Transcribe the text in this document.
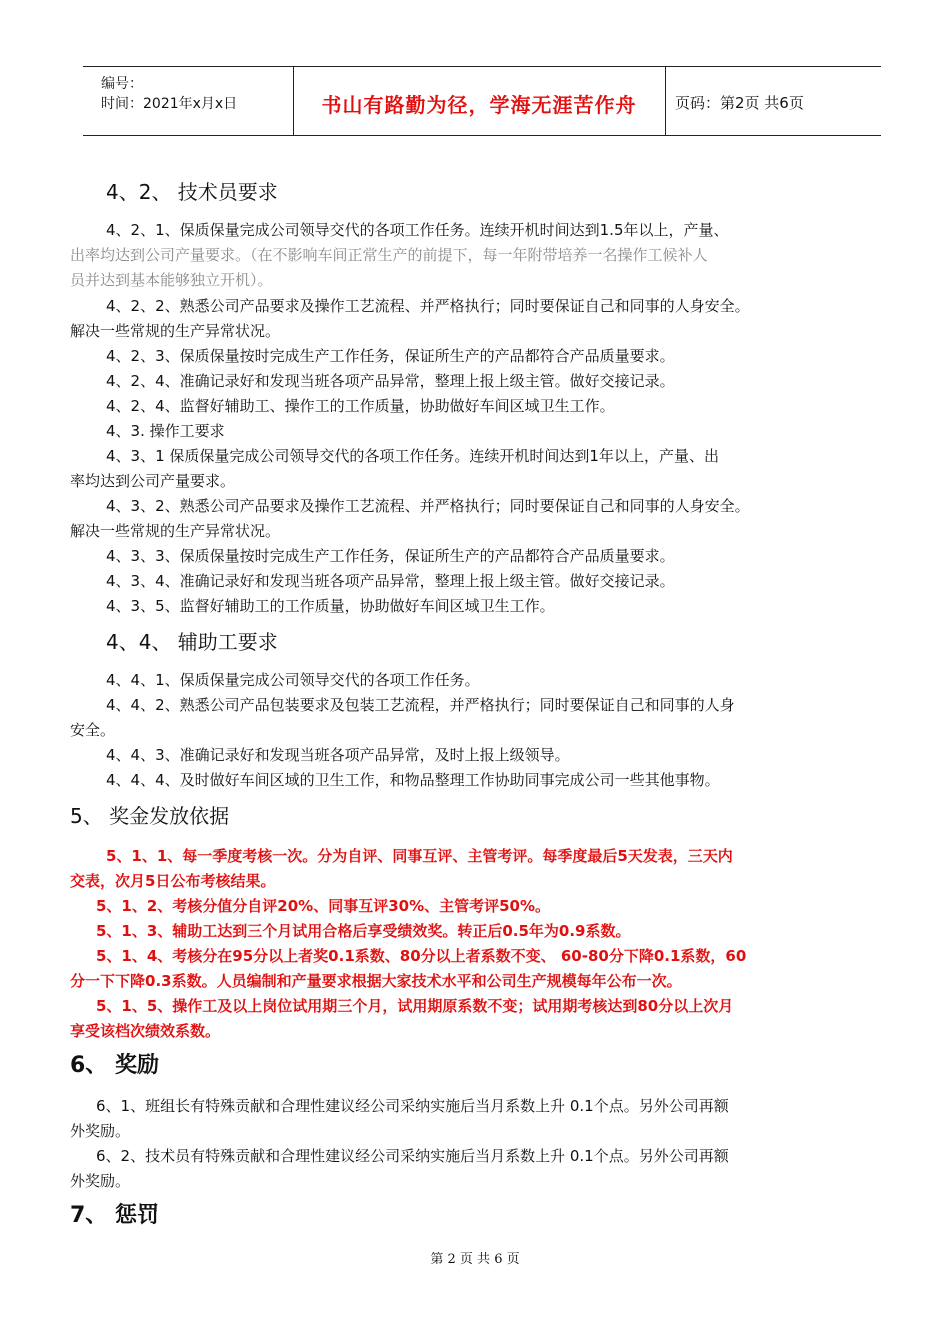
编号：
时间：2021年x月x日	书山有路勤为径，学海无涯苦作舟	页码：第2页 共6页
4、2、 技术员要求
4、2、1、保质保量完成公司领导交代的各项工作任务。连续开机时间达到1.5年以上，产量、
出率均达到公司产量要求。（在不影响车间正常生产的前提下，每一年附带培养一名操作工候补人
员并达到基本能够独立开机）。
4、2、2、熟悉公司产品要求及操作工艺流程、并严格执行；同时要保证自己和同事的人身安全。
解决一些常规的生产异常状况。
4、2、3、保质保量按时完成生产工作任务，保证所生产的产品都符合产品质量要求。
4、2、4、准确记录好和发现当班各项产品异常，整理上报上级主管。做好交接记录。
4、2、4、监督好辅助工、操作工的工作质量，协助做好车间区域卫生工作。
4、3. 操作工要求
4、3、1 保质保量完成公司领导交代的各项工作任务。连续开机时间达到1年以上，产量、出
率均达到公司产量要求。
4、3、2、熟悉公司产品要求及操作工艺流程、并严格执行；同时要保证自己和同事的人身安全。
解决一些常规的生产异常状况。
4、3、3、保质保量按时完成生产工作任务，保证所生产的产品都符合产品质量要求。
4、3、4、准确记录好和发现当班各项产品异常，整理上报上级主管。做好交接记录。
4、3、5、监督好辅助工的工作质量，协助做好车间区域卫生工作。
4、4、 辅助工要求
4、4、1、保质保量完成公司领导交代的各项工作任务。
4、4、2、熟悉公司产品包装要求及包装工艺流程，并严格执行；同时要保证自己和同事的人身
安全。
4、4、3、准确记录好和发现当班各项产品异常，及时上报上级领导。
4、4、4、及时做好车间区域的卫生工作，和物品整理工作协助同事完成公司一些其他事物。
5、 奖金发放依据
5、1、1、每一季度考核一次。分为自评、同事互评、主管考评。每季度最后5天发表，三天内
交表，次月5日公布考核结果。
5、1、2、考核分值分自评20%、同事互评30%、主管考评50%。
5、1、3、辅助工达到三个月试用合格后享受绩效奖。转正后0.5年为0.9系数。
5、1、4、考核分在95分以上者奖0.1系数、80分以上者系数不变、 60-80分下降0.1系数，60
分一下下降0.3系数。人员编制和产量要求根据大家技术水平和公司生产规模每年公布一次。
5、1、5、操作工及以上岗位试用期三个月，试用期原系数不变；试用期考核达到80分以上次月
享受该档次绩效系数。
6、 奖励
6、1、班组长有特殊贡献和合理性建议经公司采纳实施后当月系数上升 0.1个点。另外公司再额
外奖励。
6、2、技术员有特殊贡献和合理性建议经公司采纳实施后当月系数上升 0.1个点。另外公司再额
外奖励。
7、 惩罚
第 2 页 共 6 页
